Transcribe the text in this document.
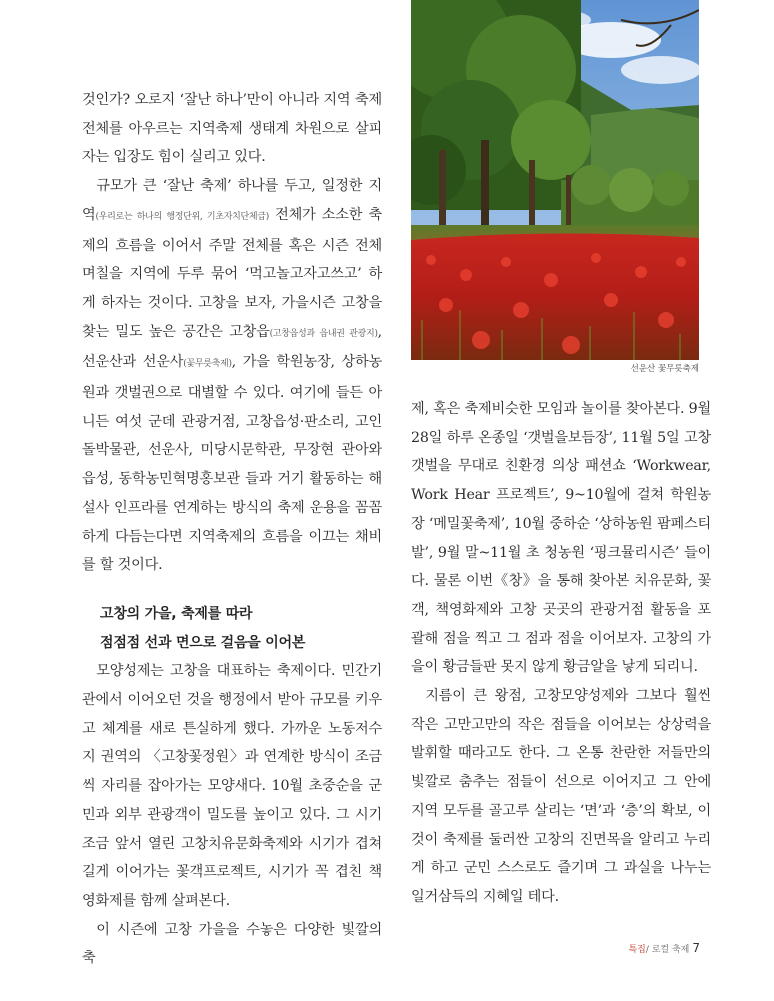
선운산 꽃무릇축제

것인가? 오로지 ‘잘난 하나’만이 아니라 지역 축제 전체를 아우르는 지역축제 생태계 차원으로 살피자는 입장도 힘이 실리고 있다.

규모가 큰 ‘잘난 축제’ 하나를 두고, 일정한 지역(우리로는 하나의 행정단위, 기초자치단체급) 전체가 소소한 축제의 흐름을 이어서 주말 전체를 혹은 시즌 전체 며칠을 지역에 두루 묶어 ‘먹고놀고자고쓰고’ 하게 하자는 것이다. 고창을 보자, 가을시즌 고창을 찾는 밀도 높은 공간은 고창읍(고창읍성과 읍내권 관광지), 선운산과 선운사(꽃무릇축제), 가을 학원농장, 상하농원과 갯벌권으로 대별할 수 있다. 여기에 들든 아니든 여섯 군데 관광거점, 고창읍성·판소리, 고인돌박물관, 선운사, 미당시문학관, 무장현 관아와 읍성, 동학농민혁명홍보관 들과 거기 활동하는 해설사 인프라를 연계하는 방식의 축제 운용을 꼼꼼하게 다듬는다면 지역축제의 흐름을 이끄는 채비를 할 것이다.

고창의 가을, 축제를 따라

점점점 선과 면으로 걸음을 이어본

모양성제는 고창을 대표하는 축제이다. 민간기관에서 이어오던 것을 행정에서 받아 규모를 키우고 체계를 새로 튼실하게 했다. 가까운 노동저수지 권역의 〈고창꽃정원〉과 연계한 방식이 조금씩 자리를 잡아가는 모양새다. 10월 초중순을 군민과 외부 관광객이 밀도를 높이고 있다. 그 시기 조금 앞서 열린 고창치유문화축제와 시기가 겹쳐 길게 이어가는 꽃객프로젝트, 시기가 꼭 겹친 책영화제를 함께 살펴본다.

이 시즌에 고창 가을을 수놓은 다양한 빛깔의 축

제, 혹은 축제비슷한 모임과 놀이를 찾아본다. 9월 28일 하루 온종일 ‘갯벌을보듬장’, 11월 5일 고창갯벌을 무대로 친환경 의상 패션쇼 ‘Workwear, Work Hear 프로젝트’, 9~10월에 걸쳐 학원농장 ‘메밀꽃축제’, 10월 중하순 ‘상하농원 팜페스티발’, 9월 말~11월 초 청농원 ‘핑크뮬리시즌’ 들이다. 물론 이번《창》을 통해 찾아본 치유문화, 꽃객, 책영화제와 고창 곳곳의 관광거점 활동을 포괄해 점을 찍고 그 점과 점을 이어보자. 고창의 가을이 황금들판 못지 않게 황금알을 낳게 되리니.

지름이 큰 왕점, 고창모양성제와 그보다 훨씬 작은 고만고만의 작은 점들을 이어보는 상상력을 발휘할 때라고도 한다. 그 온통 찬란한 저들만의 빛깔로 춤추는 점들이 선으로 이어지고 그 안에 지역 모두를 골고루 살리는 ‘면’과 ‘층’의 확보, 이것이 축제를 둘러싼 고창의 진면목을 알리고 누리게 하고 군민 스스로도 즐기며 그 과실을 나누는 일거삼득의 지혜일 테다.

특집/ 로컬 축제 7
